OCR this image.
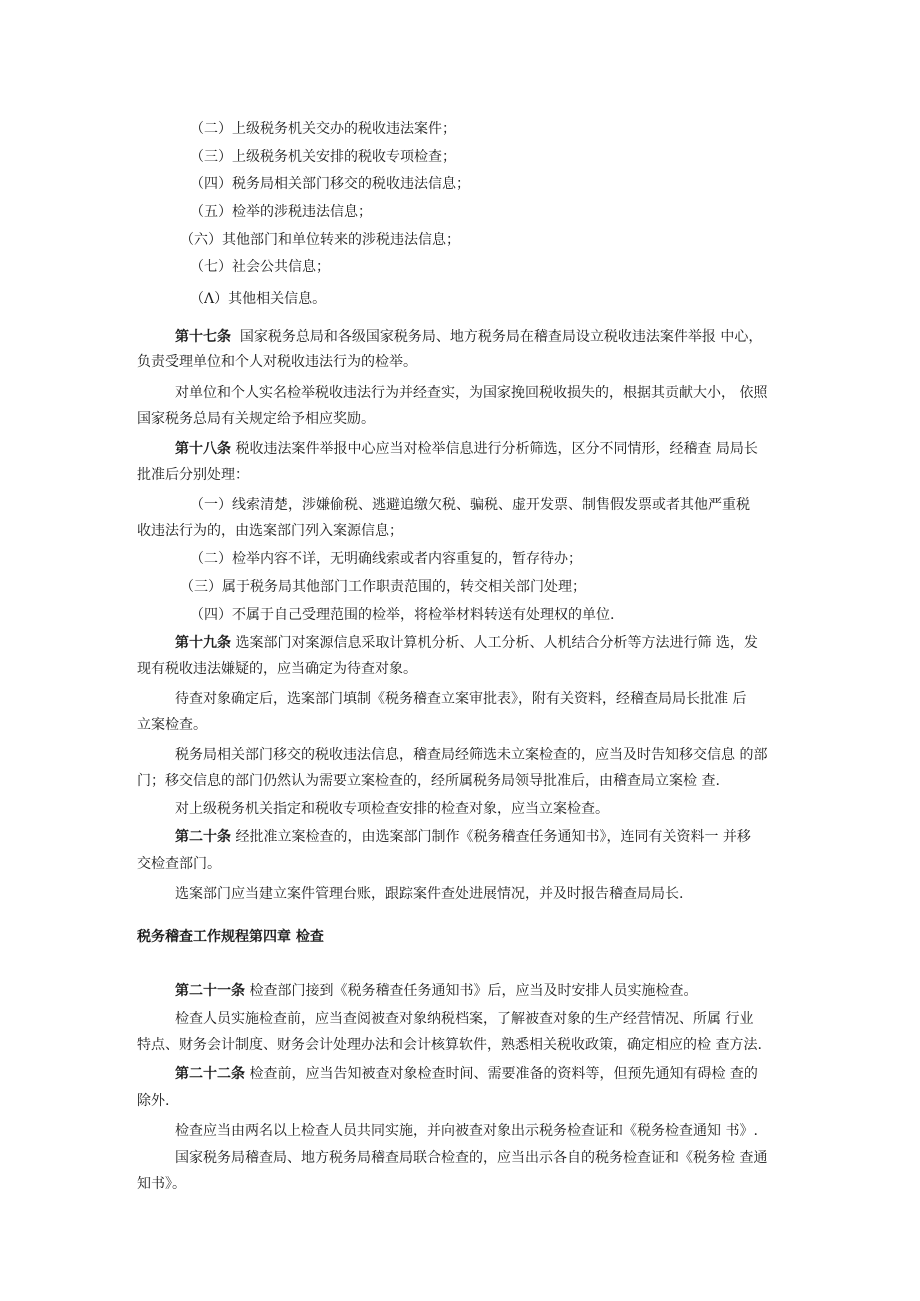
（二）上级税务机关交办的税收违法案件；
（三）上级税务机关安排的税收专项检查；
（四）税务局相关部门移交的税收违法信息；
（五）检举的涉税违法信息；
（六）其他部门和单位转来的涉税违法信息；
（七）社会公共信息；
（Λ）其他相关信息。
第十七条 国家税务总局和各级国家税务局、地方税务局在稽查局设立税收违法案件举报 中心，
负责受理单位和个人对税收违法行为的检举。
对单位和个人实名检举税收违法行为并经查实，为国家挽回税收损失的，根据其贡献大小， 依照
国家税务总局有关规定给予相应奖励。
第十八条 税收违法案件举报中心应当对检举信息进行分析筛选，区分不同情形，经稽查 局局长
批准后分别处理：
（一）线索清楚，涉嫌偷税、逃避追缴欠税、骗税、虚开发票、制售假发票或者其他严重税
收违法行为的，由选案部门列入案源信息；
（二）检举内容不详，无明确线索或者内容重复的，暂存待办；
（三）属于税务局其他部门工作职责范围的，转交相关部门处理；
（四）不属于自己受理范围的检举，将检举材料转送有处理权的单位.
第十九条 选案部门对案源信息采取计算机分析、人工分析、人机结合分析等方法进行筛 选，发
现有税收违法嫌疑的，应当确定为待查对象。
待查对象确定后，选案部门填制《税务稽查立案审批表》，附有关资料，经稽查局局长批准 后
立案检查。
税务局相关部门移交的税收违法信息，稽查局经筛选未立案检查的，应当及时告知移交信息 的部
门；移交信息的部门仍然认为需要立案检查的，经所属税务局领导批准后，由稽查局立案检 查.
对上级税务机关指定和税收专项检查安排的检查对象，应当立案检查。
第二十条 经批准立案检查的，由选案部门制作《税务稽查任务通知书》，连同有关资料一 并移
交检查部门。
选案部门应当建立案件管理台账，跟踪案件查处进展情况，并及时报告稽查局局长.
税务稽查工作规程第四章 检查
第二十一条 检查部门接到《税务稽查任务通知书》后，应当及时安排人员实施检查。
检查人员实施检查前，应当查阅被查对象纳税档案，了解被查对象的生产经营情况、所属 行业
特点、财务会计制度、财务会计处理办法和会计核算软件，熟悉相关税收政策，确定相应的检 查方法.
第二十二条 检查前，应当告知被查对象检查时间、需要准备的资料等，但预先通知有碍检 查的
除外.
检查应当由两名以上检查人员共同实施，并向被查对象出示税务检查证和《税务检查通知 书》.
国家税务局稽查局、地方税务局稽查局联合检查的，应当出示各自的税务检查证和《税务检 查通
知书》。
